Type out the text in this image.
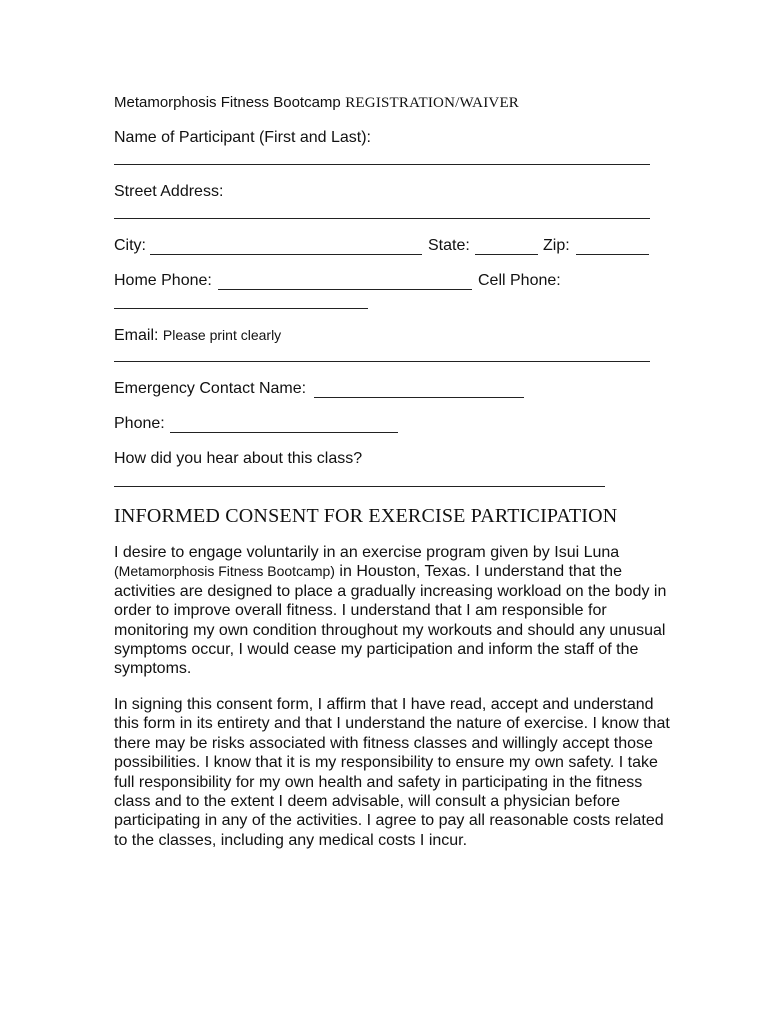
Metamorphosis Fitness Bootcamp REGISTRATION/WAIVER
Name of Participant (First and Last):
Street Address:
City:	State:	Zip:
Home Phone:	Cell Phone:
Email: Please print clearly
Emergency Contact Name:
Phone:
How did you hear about this class?
INFORMED CONSENT FOR EXERCISE PARTICIPATION
I desire to engage voluntarily in an exercise program given by Isui Luna (Metamorphosis Fitness Bootcamp) in Houston, Texas. I understand that the activities are designed to place a gradually increasing workload on the body in order to improve overall fitness. I understand that I am responsible for monitoring my own condition throughout my workouts and should any unusual symptoms occur, I would cease my participation and inform the staff of the symptoms.
In signing this consent form, I affirm that I have read, accept and understand this form in its entirety and that I understand the nature of exercise. I know that there may be risks associated with fitness classes and willingly accept those possibilities. I know that it is my responsibility to ensure my own safety. I take full responsibility for my own health and safety in participating in the fitness class and to the extent I deem advisable, will consult a physician before participating in any of the activities. I agree to pay all reasonable costs related to the classes, including any medical costs I incur.
